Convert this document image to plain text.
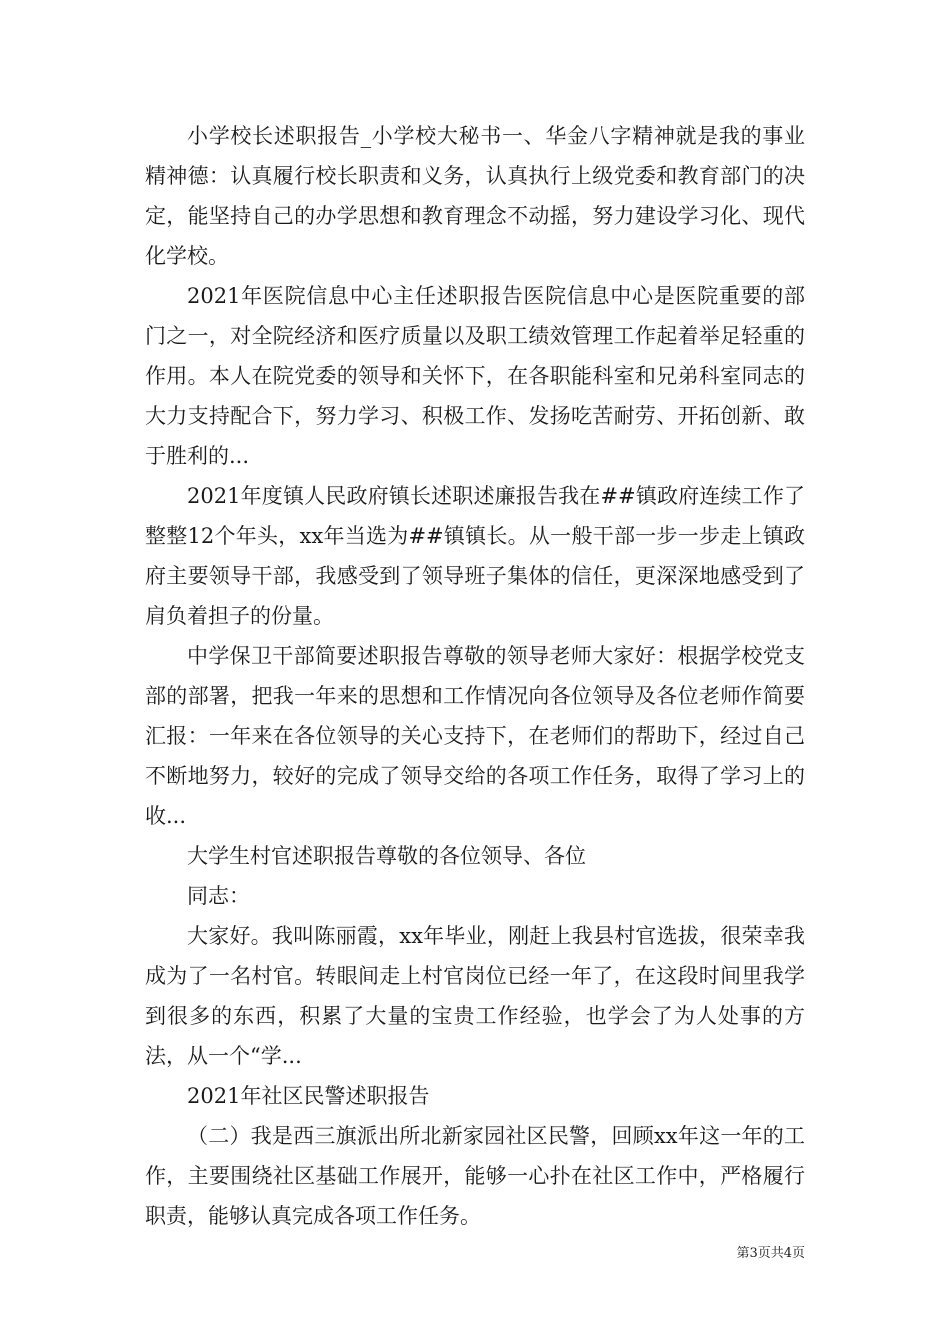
小学校长述职报告_小学校大秘书一、华金八字精神就是我的事业精神德：认真履行校长职责和义务，认真执行上级党委和教育部门的决定，能坚持自己的办学思想和教育理念不动摇，努力建设学习化、现代化学校。

2021年医院信息中心主任述职报告医院信息中心是医院重要的部门之一，对全院经济和医疗质量以及职工绩效管理工作起着举足轻重的作用。本人在院党委的领导和关怀下，在各职能科室和兄弟科室同志的大力支持配合下，努力学习、积极工作、发扬吃苦耐劳、开拓创新、敢于胜利的...

2021年度镇人民政府镇长述职述廉报告我在##镇政府连续工作了整整12个年头，xx年当选为##镇镇长。从一般干部一步一步走上镇政府主要领导干部，我感受到了领导班子集体的信任，更深深地感受到了肩负着担子的份量。

中学保卫干部简要述职报告尊敬的领导老师大家好：根据学校党支部的部署，把我一年来的思想和工作情况向各位领导及各位老师作简要汇报：一年来在各位领导的关心支持下，在老师们的帮助下，经过自己不断地努力，较好的完成了领导交给的各项工作任务，取得了学习上的收...

大学生村官述职报告尊敬的各位领导、各位

同志：

大家好。我叫陈丽霞，xx年毕业，刚赶上我县村官选拔，很荣幸我成为了一名村官。转眼间走上村官岗位已经一年了，在这段时间里我学到很多的东西，积累了大量的宝贵工作经验，也学会了为人处事的方法，从一个“学...

2021年社区民警述职报告

（二）我是西三旗派出所北新家园社区民警，回顾xx年这一年的工作，主要围绕社区基础工作展开，能够一心扑在社区工作中，严格履行职责，能够认真完成各项工作任务。

第3页共4页
